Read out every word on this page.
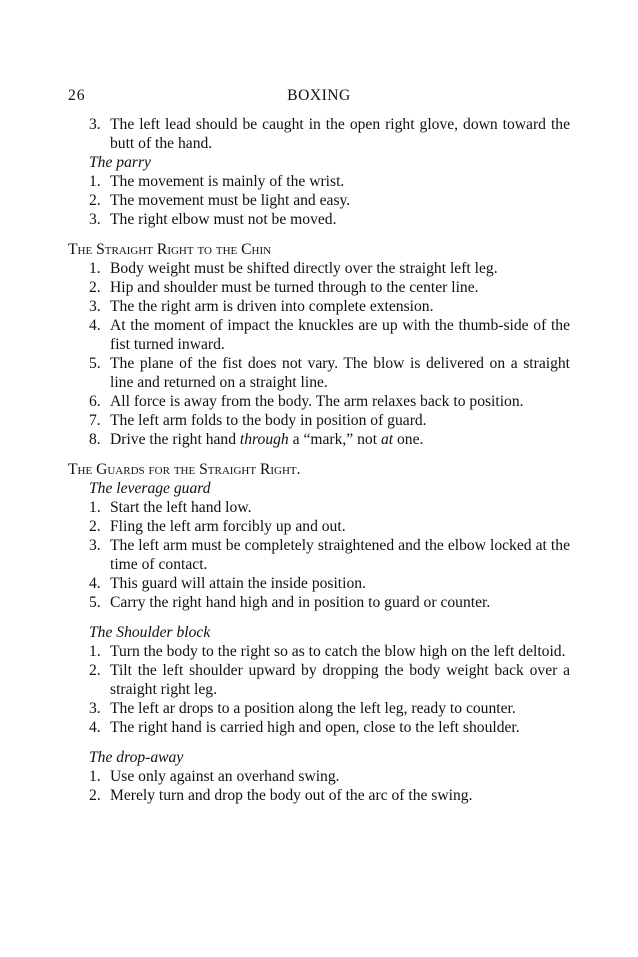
26	BOXING
3. The left lead should be caught in the open right glove, down toward the butt of the hand.
The parry
1. The movement is mainly of the wrist.
2. The movement must be light and easy.
3. The right elbow must not be moved.
The Straight Right to the Chin
1. Body weight must be shifted directly over the straight left leg.
2. Hip and shoulder must be turned through to the center line.
3. The the right arm is driven into complete extension.
4. At the moment of impact the knuckles are up with the thumb-side of the fist turned inward.
5. The plane of the fist does not vary. The blow is delivered on a straight line and returned on a straight line.
6. All force is away from the body. The arm relaxes back to position.
7. The left arm folds to the body in position of guard.
8. Drive the right hand through a “mark,” not at one.
The Guards for the Straight Right.
The leverage guard
1. Start the left hand low.
2. Fling the left arm forcibly up and out.
3. The left arm must be completely straightened and the elbow locked at the time of contact.
4. This guard will attain the inside position.
5. Carry the right hand high and in position to guard or counter.
The Shoulder block
1. Turn the body to the right so as to catch the blow high on the left deltoid.
2. Tilt the left shoulder upward by dropping the body weight back over a straight right leg.
3. The left ar drops to a position along the left leg, ready to counter.
4. The right hand is carried high and open, close to the left shoulder.
The drop-away
1. Use only against an overhand swing.
2. Merely turn and drop the body out of the arc of the swing.
